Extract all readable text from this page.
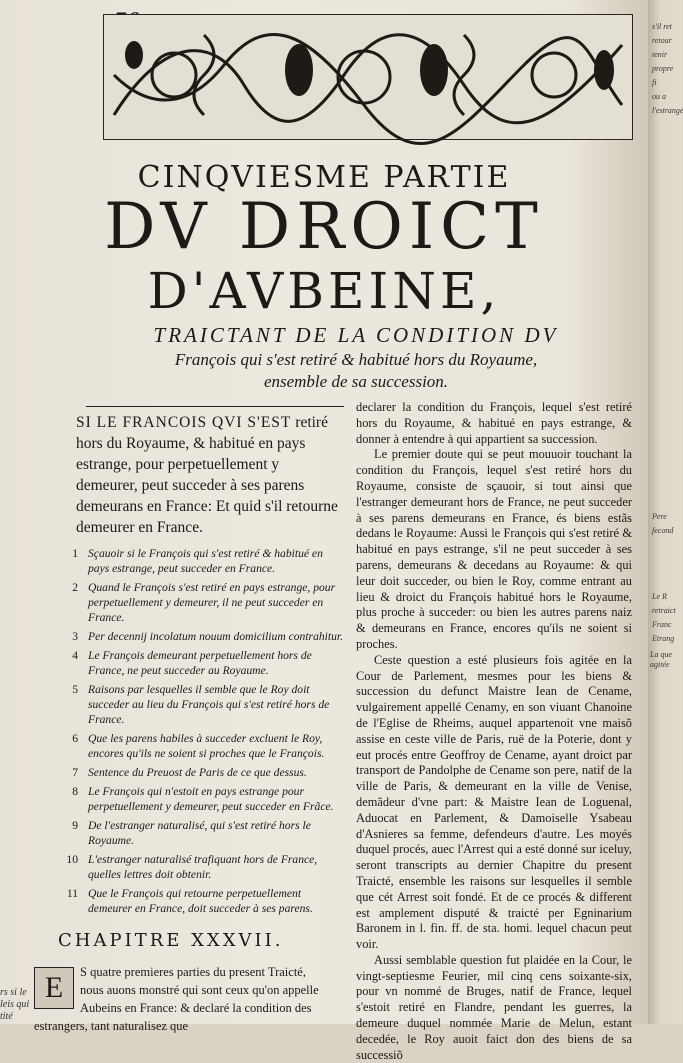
CINQVIESME PARTIE
DV DROICT
D'AVBEINE,
TRAICTANT DE LA CONDITION DV
François qui s'est retiré & habitué hors du Royaume,
ensemble de sa succession.
SI LE FRANCOIS QVI S'EST retiré hors du Royaume, & habitué en pays estrange, pour perpetuellement y demeurer, peut succeder à ses parens demeurans en France: Et quid s'il retourne demeurer en France.
1 Sçauoir si le François qui s'est retiré & habitué en pays estrange, peut succeder en France.
2 Quand le François s'est retiré en pays estrange, pour perpetuellement y demeurer, il ne peut succeder en France.
3 Per decennij incolatum nouum domicilium contrahitur.
4 Le François demeurant perpetuellement hors de France, ne peut succeder au Royaume.
5 Raisons par lesquelles il semble que le Roy doit succeder au lieu du François qui s'est retiré hors de France.
6 Que les parens habiles à succeder excluent le Roy, encores qu'ils ne soient si proches que le François.
7 Sentence du Preuost de Paris de ce que dessus.
8 Le François qui n'estoit en pays estrange pour perpetuellement y demeurer, peut succeder en Frãce.
9 De l'estranger naturalisé, qui s'est retiré hors le Royaume.
10 L'estranger naturalisé trafiquant hors de France, quelles lettres doit obtenir.
11 Que le François qui retourne perpetuellement demeurer en France, doit succeder à ses parens.
CHAPITRE XXXVII.
E	S quatre premieres parties du present Traicté, nous auons monstré qui sont ceux qu'on appelle Aubeins en France: & declaré la condition des estrangers, tant naturalisez que
rs si le
leis qui
tité

declarer la condition du François, lequel s'est retiré hors du Royaume, & habitué en pays estrange, & donner à entendre à qui appartient sa succession.

Le premier doute qui se peut mouuoir touchant la condition du François, lequel s'est retiré hors du Royaume, consiste de sçauoir, si tout ainsi que l'estranger demeurant hors de France, ne peut succeder à ses parens demeurans en France, és biens estãs dedans le Royaume: Aussi le François qui s'est retiré & habitué en pays estrange, s'il ne peut succeder à ses parens, demeurans & decedans au Royaume: & qui leur doit succeder, ou bien le Roy, comme entrant au lieu & droict du François habitué hors le Royaume, plus proche à succeder: ou bien les autres parens naiz & demeurans en France, encores qu'ils ne soient si proches.

Ceste question a esté plusieurs fois agitée en la Cour de Parlement, mesmes pour les biens & succession du defunct Maistre Iean de Cename, vulgairement appellé Cenamy, en son viuant Chanoine de l'Eglise de Rheims, auquel appartenoit vne maisõ assise en ceste ville de Paris, ruë de la Poterie, dont y eut procés entre Geoffroy de Cename, ayant droict par transport de Pandolphe de Cename son pere, natif de la ville de Paris, & demeurant en la ville de Venise, demãdeur d'vne part: & Maistre Iean de Loguenal, Aduocat en Parlement, & Damoiselle Ysabeau d'Asnieres sa femme, defendeurs d'autre. Les moyés duquel procés, auec l'Arrest qui a esté donné sur iceluy, seront transcripts au dernier Chapitre du present Traicté, ensemble les raisons sur lesquelles il semble que cét Arrest soit fondé. Et de ce procés & different est amplement disputé & traicté per Egninarium Baronem in l. fin. ff. de sta. homi. lequel chacun peut voir.

Aussi semblable question fut plaidée en la Cour, le vingt-septiesme Feurier, mil cinq cens soixante-six, pour vn nommé de Bruges, natif de France, lequel s'estoit retiré en Flandre, pendant les guerres, la demeure duquel nommée Marie de Melun, estant decedée, le Roy auoit faict don des biens de sa successiõ

s'il ret
retour
tenir
propre
fi
ou a
l'estrange
Pere
fecond
Le R
retraict
Franc
Etrang
La que agitée
